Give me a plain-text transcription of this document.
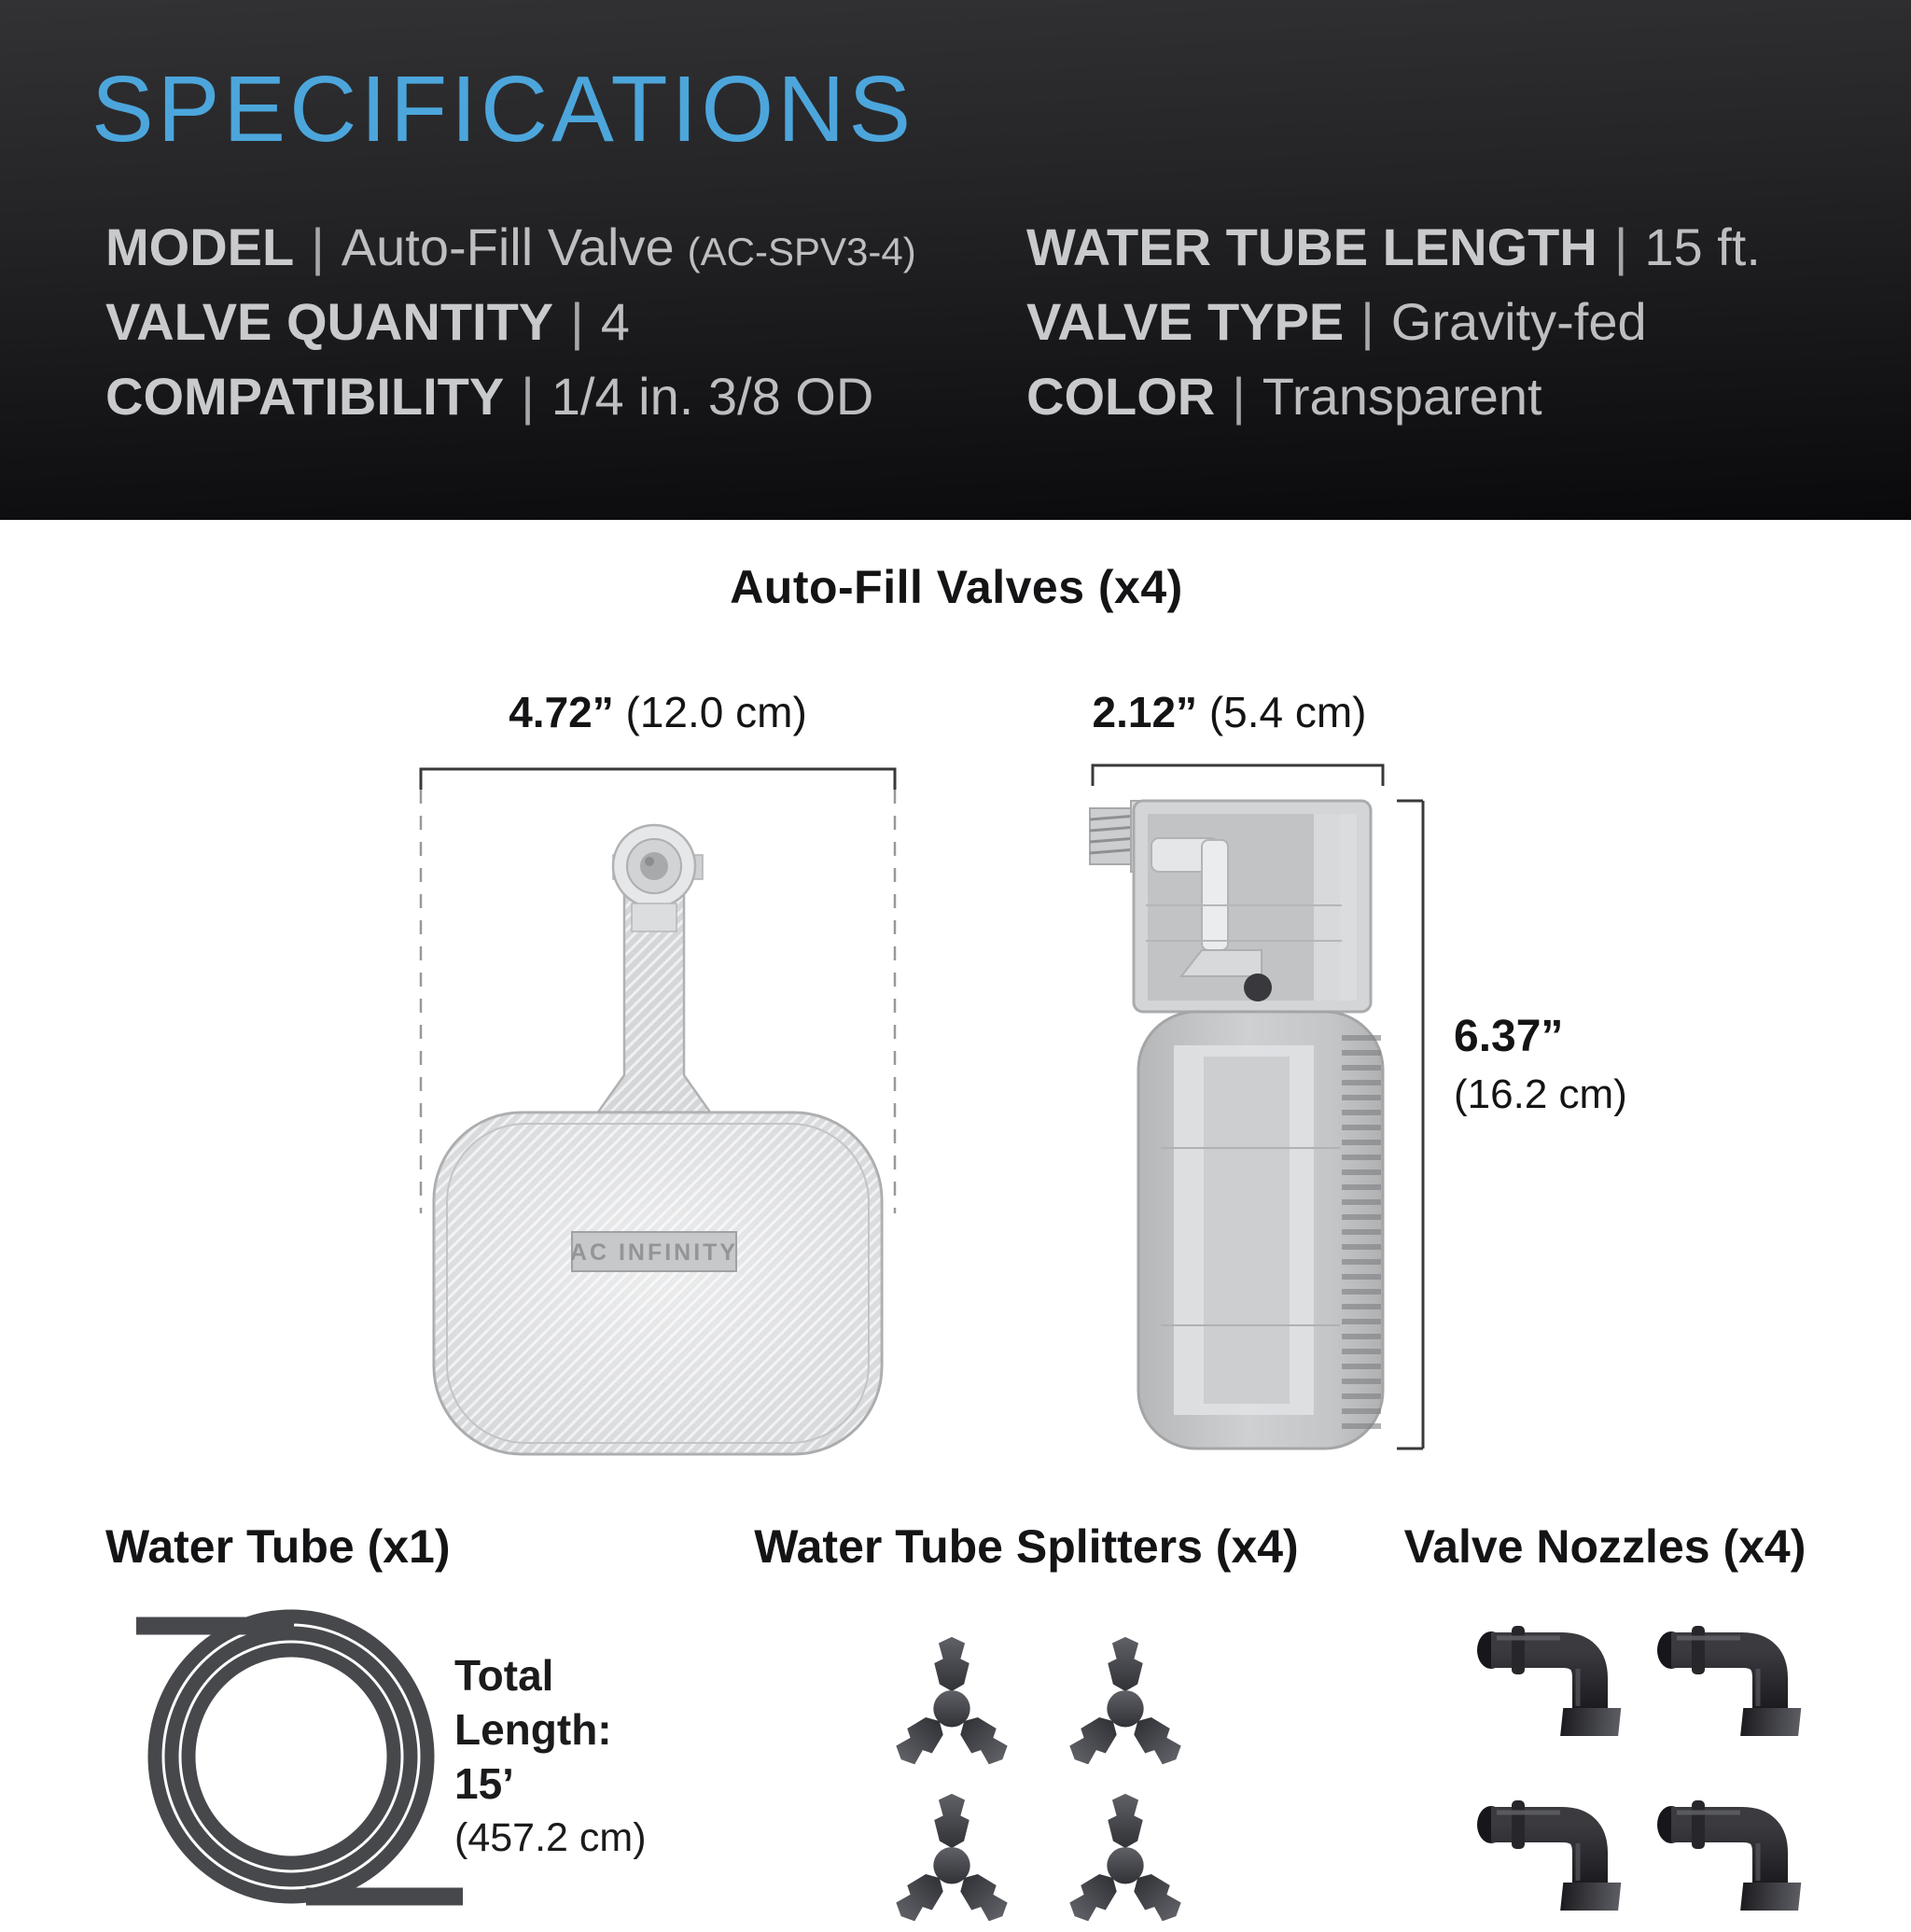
SPECIFICATIONS
MODEL | Auto-Fill Valve (AC-SPV3-4)
VALVE QUANTITY | 4
COMPATIBILITY | 1/4 in. 3/8 OD
WATER TUBE LENGTH | 15 ft.
VALVE TYPE | Gravity-fed
COLOR | Transparent
Auto-Fill Valves (x4)
4.72” (12.0 cm)	2.12” (5.4 cm)
AC INFINITY
6.37”
(16.2 cm)
Water Tube (x1)	Water Tube Splitters (x4)	Valve Nozzles (x4)
Total
Length:
15’
(457.2 cm)
